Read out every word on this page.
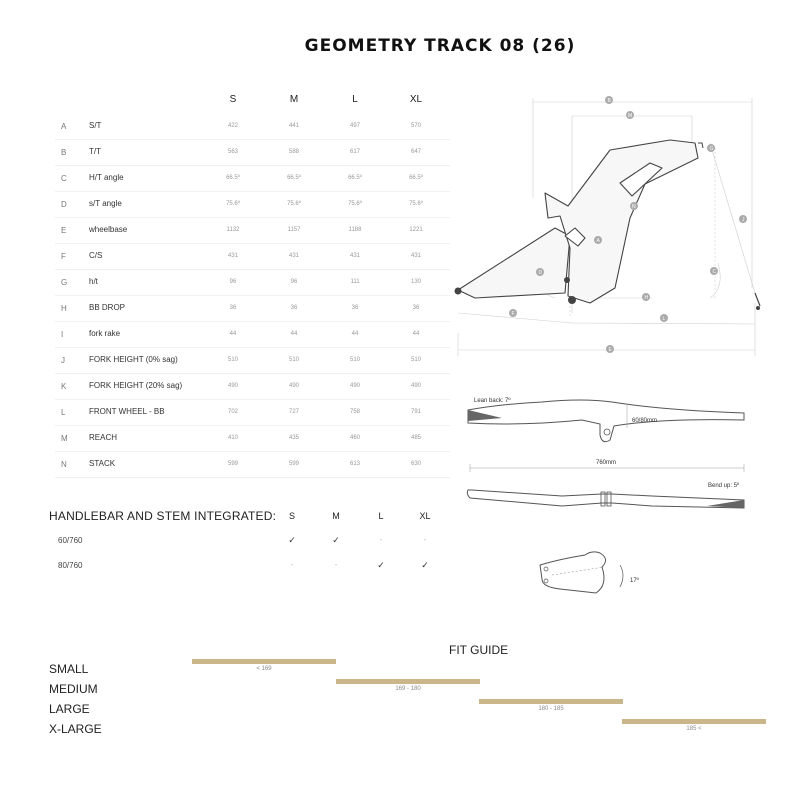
GEOMETRY TRACK 08 (26)
S	M	L	XL
A	S/T	422	441	497	570
B	T/T	563	588	617	647
C	H/T angle	66.5º	66.5º	66.5º	66.5º
D	s/T angle	75.6º	75.6º	75.6º	75.6º
E	wheelbase	1132	1157	1188	1221
F	C/S	431	431	431	431
G	h/t	96	96	111	130
H	BB DROP	36	36	36	36
I	fork rake	44	44	44	44
J	FORK HEIGHT (0% sag)	510	510	510	510
K	FORK HEIGHT (20% sag)	490	490	490	490
L	FRONT WHEEL - BB	702	727	758	791
M	REACH	410	435	460	485
N	STACK	599	599	613	630
B
M
G
J
C
N
A
D
H
F
L
E
Lean back: 7º
60/80mm
760mm
Bend up: 5º
17º
HANDLEBAR AND STEM INTEGRATED:	S	M	L	XL
60/760	✓	✓	-	-
80/760	-	-	✓	✓
FIT GUIDE
SMALL	< 169
MEDIUM	169 - 180
LARGE	180 - 185
X-LARGE	185 <
